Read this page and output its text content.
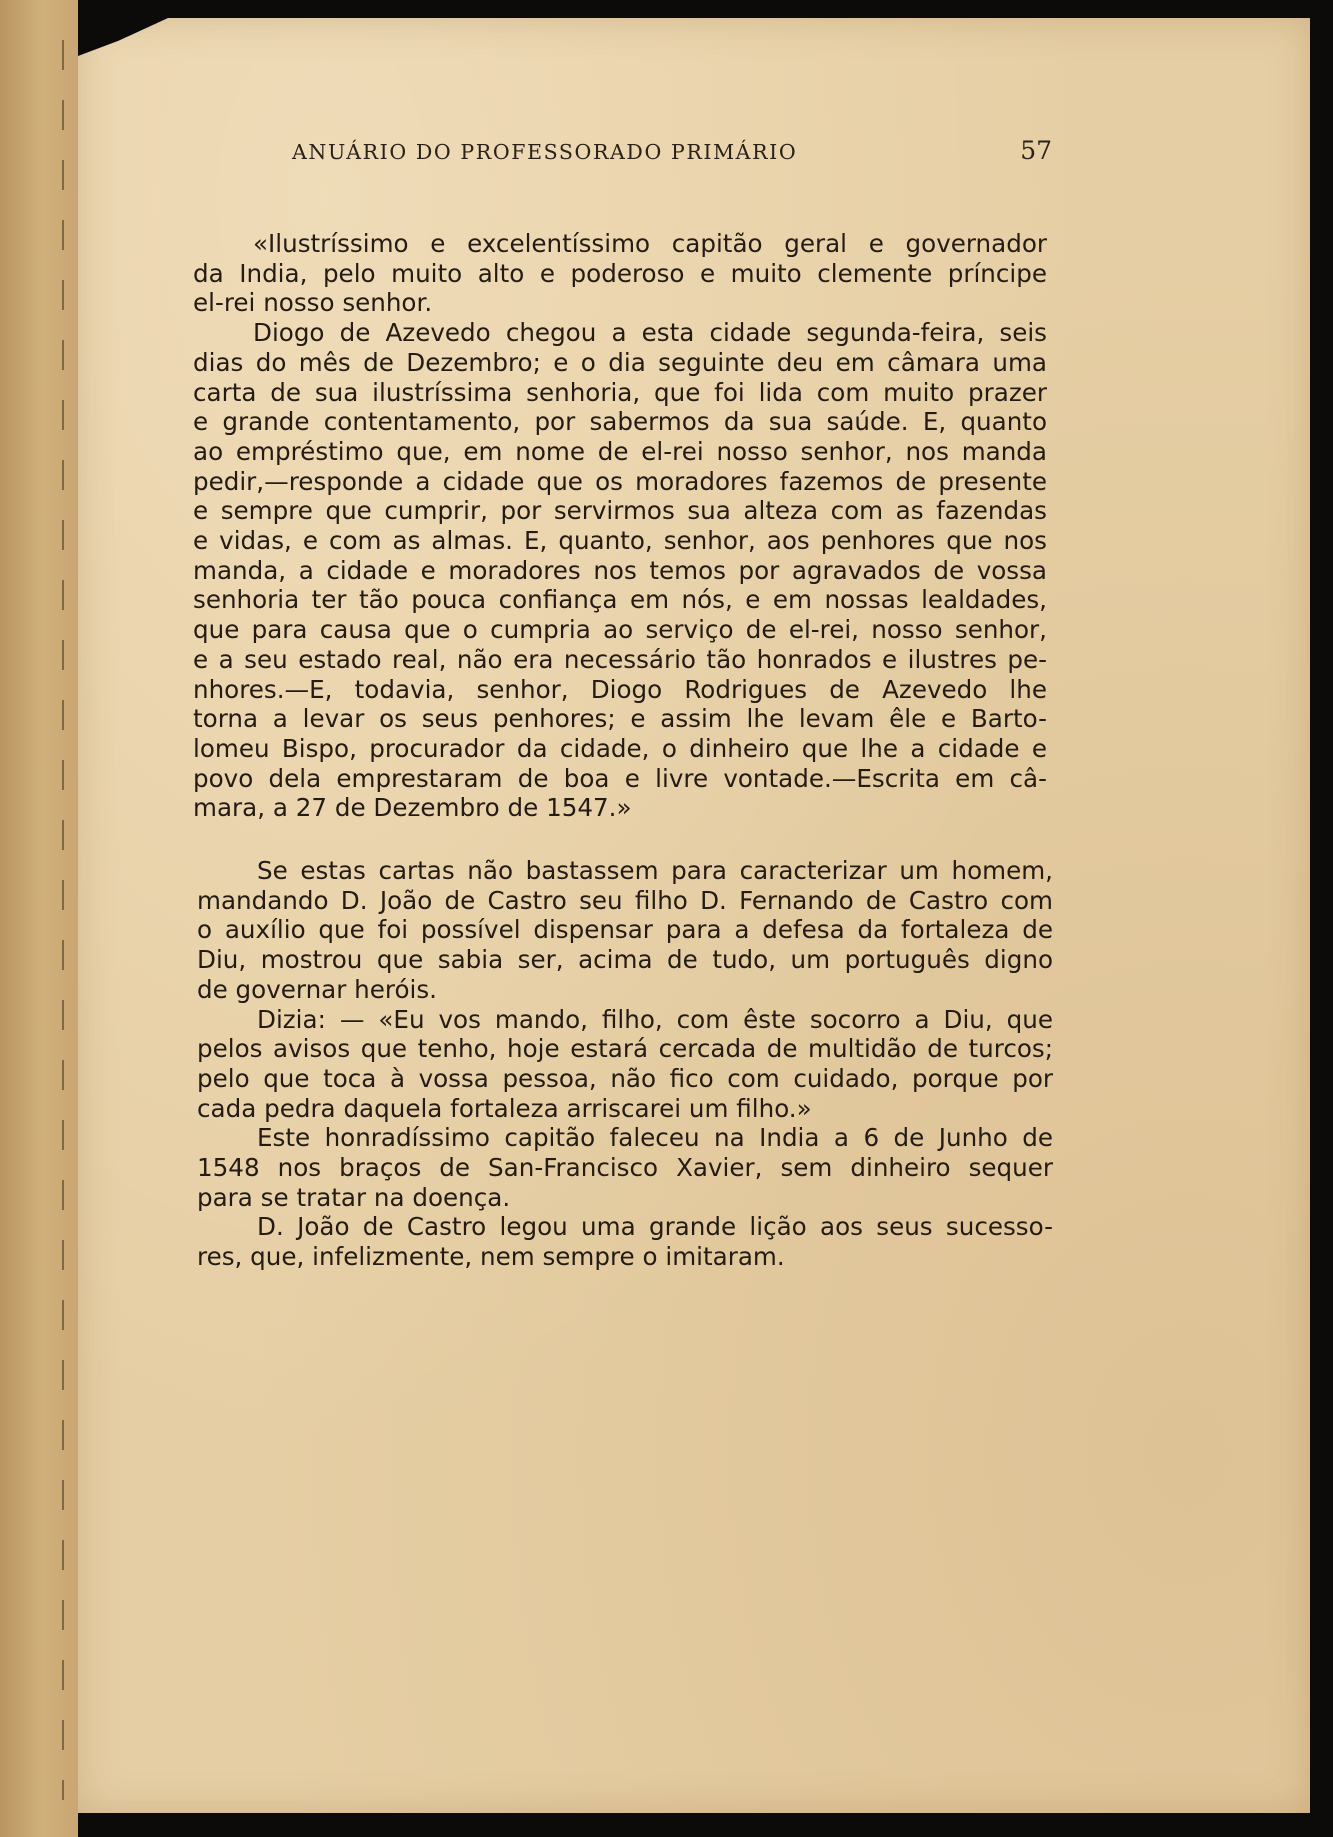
ANUÁRIO DO PROFESSORADO PRIMÁRIO	57

«Ilustríssimo e excelentíssimo capitão geral e governador

da India, pelo muito alto e poderoso e muito clemente príncipe

el-rei nosso senhor.

Diogo de Azevedo chegou a esta cidade segunda-feira, seis

dias do mês de Dezembro; e o dia seguinte deu em câmara uma

carta de sua ilustríssima senhoria, que foi lida com muito prazer

e grande contentamento, por sabermos da sua saúde. E, quanto

ao empréstimo que, em nome de el-rei nosso senhor, nos manda

pedir,—responde a cidade que os moradores fazemos de presente

e sempre que cumprir, por servirmos sua alteza com as fazendas

e vidas, e com as almas. E, quanto, senhor, aos penhores que nos

manda, a cidade e moradores nos temos por agravados de vossa

senhoria ter tão pouca confiança em nós, e em nossas lealdades,

que para causa que o cumpria ao serviço de el-rei, nosso senhor,

e a seu estado real, não era necessário tão honrados e ilustres pe-

nhores.—E, todavia, senhor, Diogo Rodrigues de Azevedo lhe

torna a levar os seus penhores; e assim lhe levam êle e Barto-

lomeu Bispo, procurador da cidade, o dinheiro que lhe a cidade e

povo dela emprestaram de boa e livre vontade.—Escrita em câ-

mara, a 27 de Dezembro de 1547.»

Se estas cartas não bastassem para caracterizar um homem,

mandando D. João de Castro seu filho D. Fernando de Castro com

o auxílio que foi possível dispensar para a defesa da fortaleza de

Diu, mostrou que sabia ser, acima de tudo, um português digno

de governar heróis.

Dizia: — «Eu vos mando, filho, com êste socorro a Diu, que

pelos avisos que tenho, hoje estará cercada de multidão de turcos;

pelo que toca à vossa pessoa, não fico com cuidado, porque por

cada pedra daquela fortaleza arriscarei um filho.»

Este honradíssimo capitão faleceu na India a 6 de Junho de

1548 nos braços de San-Francisco Xavier, sem dinheiro sequer

para se tratar na doença.

D. João de Castro legou uma grande lição aos seus sucesso-

res, que, infelizmente, nem sempre o imitaram.
